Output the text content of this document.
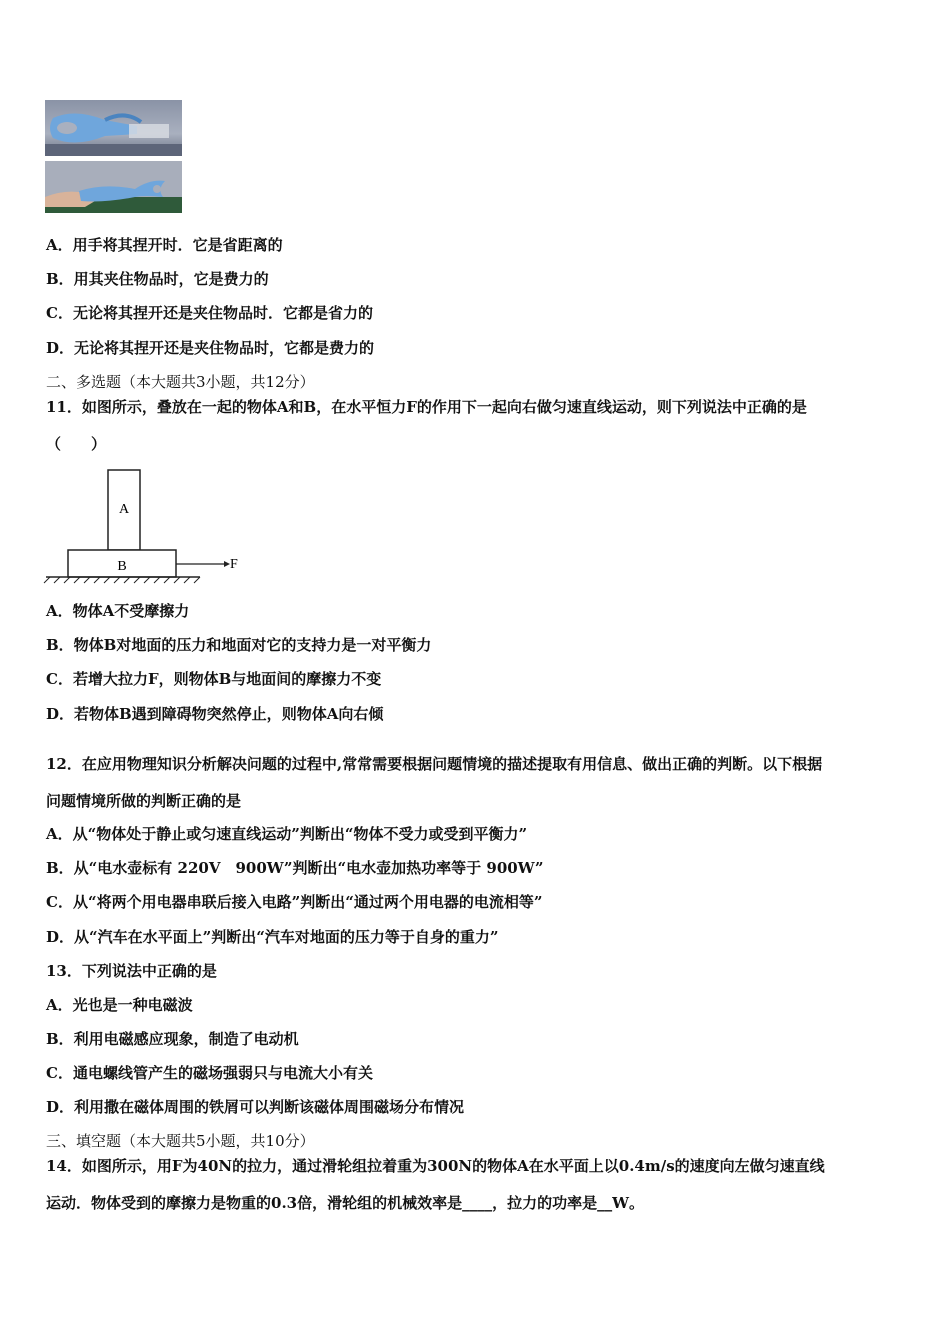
A．用手将其捏开时．它是省距离的
B．用其夹住物品时，它是费力的
C．无论将其捏开还是夹住物品时．它都是省力的
D．无论将其捏开还是夹住物品时，它都是费力的
二、多选题（本大题共3小题，共12分）
11．如图所示，叠放在一起的物体A和B，在水平恒力F的作用下一起向右做匀速直线运动，则下列说法中正确的是
（　　）
A
B	F
A．物体A不受摩擦力
B．物体B对地面的压力和地面对它的支持力是一对平衡力
C．若增大拉力F，则物体B与地面间的摩擦力不变
D．若物体B遇到障碍物突然停止，则物体A向右倾
12．在应用物理知识分析解决问题的过程中,常常需要根据问题情境的描述提取有用信息、做出正确的判断。以下根据
问题情境所做的判断正确的是
A．从“物体处于静止或匀速直线运动”判断出“物体不受力或受到平衡力”
B．从“电水壶标有 220V　900W”判断出“电水壶加热功率等于 900W”
C．从“将两个用电器串联后接入电路”判断出“通过两个用电器的电流相等”
D．从“汽车在水平面上”判断出“汽车对地面的压力等于自身的重力”
13．下列说法中正确的是
A．光也是一种电磁波
B．利用电磁感应现象，制造了电动机
C．通电螺线管产生的磁场强弱只与电流大小有关
D．利用撒在磁体周围的铁屑可以判断该磁体周围磁场分布情况
三、填空题（本大题共5小题，共10分）
14．如图所示，用F为40N的拉力，通过滑轮组拉着重为300N的物体A在水平面上以0.4m/s的速度向左做匀速直线
运动．物体受到的摩擦力是物重的0.3倍，滑轮组的机械效率是____，拉力的功率是__W。
